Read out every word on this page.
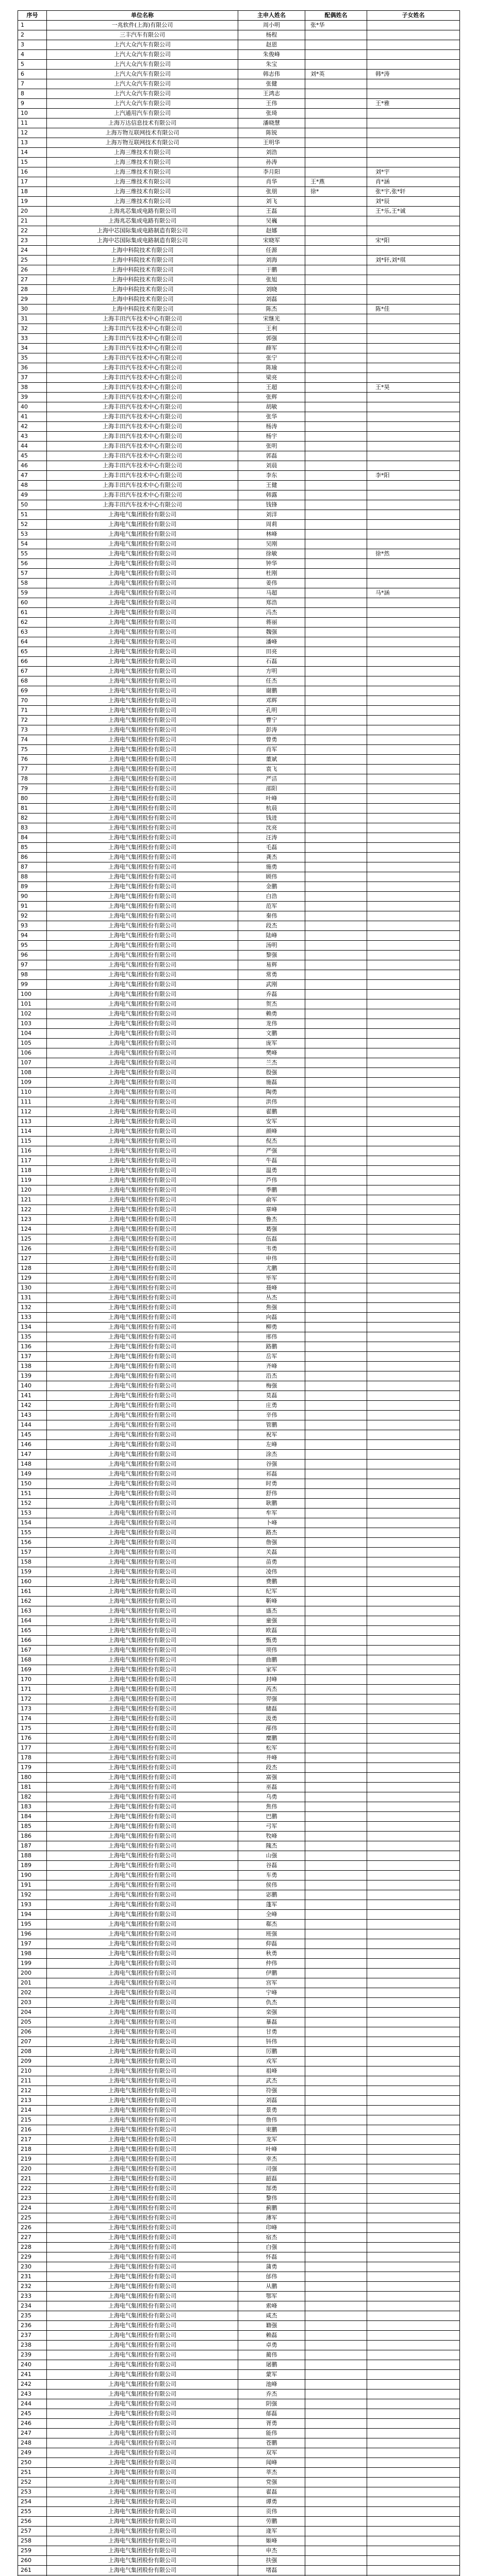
序号	单位名称	主申人姓名	配偶姓名	子女姓名
1	一兆软件(上海)有限公司	周小明	张*华	
2	三丰汽车有限公司	杨程		
3	上汽大众汽车有限公司	赵恩		
4	上汽大众汽车有限公司	朱俊峰		
5	上汽大众汽车有限公司	朱宝		
6	上汽大众汽车有限公司	韩志伟	刘*英	韩*涛
7	上汽大众汽车有限公司	张健		
8	上汽大众汽车有限公司	王鸿志		
9	上汽大众汽车有限公司	王伟		王*雅
10	上汽通用汽车有限公司	张琦		
11	上海万达信息技术有限公司	潘晓慧		
12	上海万物互联网技术有限公司	陈锐		
13	上海万物互联网技术有限公司	王明华		
14	上海三维技术有限公司	刘浩		
15	上海三维技术有限公司	孙涛		
16	上海三维技术有限公司	李月阳		刘*宇
17	上海三维技术有限公司	肖华	王*燕	肖*涵
18	上海三维技术有限公司	张朋	徐*	张*宇,张*轩
19	上海三维技术有限公司	刘飞		刘*辰
20	上海兆芯集成电路有限公司	王磊		王*乐,王*诚
21	上海兆芯集成电路有限公司	吴巍		
22	上海中芯国际集成电路制造有限公司	赵娜		
23	上海中芯国际集成电路制造有限公司	宋晓军		宋*阳
24	上海中科院技术有限公司	任源		
25	上海中科院技术有限公司	刘海		刘*轩,刘*琪
26	上海中科院技术有限公司	于鹏		
27	上海中科院技术有限公司	张旭		
28	上海中科院技术有限公司	刘晓		
29	上海中科院技术有限公司	刘磊		
30	上海中科院技术有限公司	陈杰		陈*佳
31	上海丰田汽车技术中心有限公司	宋继光		
32	上海丰田汽车技术中心有限公司	王利		
33	上海丰田汽车技术中心有限公司	郭强		
34	上海丰田汽车技术中心有限公司	薛军		
35	上海丰田汽车技术中心有限公司	张宁		
36	上海丰田汽车技术中心有限公司	陈瑜		
37	上海丰田汽车技术中心有限公司	梁亮		
38	上海丰田汽车技术中心有限公司	王超		王*昊
39	上海丰田汽车技术中心有限公司	张辉		
40	上海丰田汽车技术中心有限公司	胡敏		
41	上海丰田汽车技术中心有限公司	张华		
42	上海丰田汽车技术中心有限公司	杨涛		
43	上海丰田汽车技术中心有限公司	杨宇		
44	上海丰田汽车技术中心有限公司	张明		
45	上海丰田汽车技术中心有限公司	郭磊		
46	上海丰田汽车技术中心有限公司	刘晨		
47	上海丰田汽车技术中心有限公司	李东		李*阳
48	上海丰田汽车技术中心有限公司	王健		
49	上海丰田汽车技术中心有限公司	韩露		
50	上海丰田汽车技术中心有限公司	钱锋		
51	上海电气集团股份有限公司	刘洋		
52	上海电气集团股份有限公司	周莉		
53	上海电气集团股份有限公司	林峰		
54	上海电气集团股份有限公司	吴刚		
55	上海电气集团股份有限公司	徐敏		徐*然
56	上海电气集团股份有限公司	钟华		
57	上海电气集团股份有限公司	杜刚		
58	上海电气集团股份有限公司	姜伟		
59	上海电气集团股份有限公司	马超		马*涵
60	上海电气集团股份有限公司	郑浩		
61	上海电气集团股份有限公司	冯杰		
62	上海电气集团股份有限公司	蒋丽		
63	上海电气集团股份有限公司	魏强		
64	上海电气集团股份有限公司	潘峰		
65	上海电气集团股份有限公司	田亮		
66	上海电气集团股份有限公司	石磊		
67	上海电气集团股份有限公司	方明		
68	上海电气集团股份有限公司	任杰		
69	上海电气集团股份有限公司	谢鹏		
70	上海电气集团股份有限公司	邓辉		
71	上海电气集团股份有限公司	孔明		
72	上海电气集团股份有限公司	曹宁		
73	上海电气集团股份有限公司	彭涛		
74	上海电气集团股份有限公司	曾勇		
75	上海电气集团股份有限公司	肖军		
76	上海电气集团股份有限公司	董斌		
77	上海电气集团股份有限公司	袁飞		
78	上海电气集团股份有限公司	严洁		
79	上海电气集团股份有限公司	邵阳		
80	上海电气集团股份有限公司	叶峰		
81	上海电气集团股份有限公司	杭晨		
82	上海电气集团股份有限公司	钱进		
83	上海电气集团股份有限公司	沈亮		
84	上海电气集团股份有限公司	汪涛		
85	上海电气集团股份有限公司	毛磊		
86	上海电气集团股份有限公司	龚杰		
87	上海电气集团股份有限公司	施勇		
88	上海电气集团股份有限公司	顾伟		
89	上海电气集团股份有限公司	金鹏		
90	上海电气集团股份有限公司	白浩		
91	上海电气集团股份有限公司	范军		
92	上海电气集团股份有限公司	秦伟		
93	上海电气集团股份有限公司	段杰		
94	上海电气集团股份有限公司	陆峰		
95	上海电气集团股份有限公司	汤明		
96	上海电气集团股份有限公司	黎强		
97	上海电气集团股份有限公司	易辉		
98	上海电气集团股份有限公司	常勇		
99	上海电气集团股份有限公司	武刚		
100	上海电气集团股份有限公司	乔磊		
101	上海电气集团股份有限公司	贺杰		
102	上海电气集团股份有限公司	赖勇		
103	上海电气集团股份有限公司	龙伟		
104	上海电气集团股份有限公司	文鹏		
105	上海电气集团股份有限公司	庞军		
106	上海电气集团股份有限公司	樊峰		
107	上海电气集团股份有限公司	兰杰		
108	上海电气集团股份有限公司	殷强		
109	上海电气集团股份有限公司	施磊		
110	上海电气集团股份有限公司	陶勇		
111	上海电气集团股份有限公司	洪伟		
112	上海电气集团股份有限公司	翟鹏		
113	上海电气集团股份有限公司	安军		
114	上海电气集团股份有限公司	颜峰		
115	上海电气集团股份有限公司	倪杰		
116	上海电气集团股份有限公司	严强		
117	上海电气集团股份有限公司	牛磊		
118	上海电气集团股份有限公司	温勇		
119	上海电气集团股份有限公司	芦伟		
120	上海电气集团股份有限公司	季鹏		
121	上海电气集团股份有限公司	俞军		
122	上海电气集团股份有限公司	章峰		
123	上海电气集团股份有限公司	鲁杰		
124	上海电气集团股份有限公司	葛强		
125	上海电气集团股份有限公司	伍磊		
126	上海电气集团股份有限公司	韦勇		
127	上海电气集团股份有限公司	申伟		
128	上海电气集团股份有限公司	尤鹏		
129	上海电气集团股份有限公司	毕军		
130	上海电气集团股份有限公司	聂峰		
131	上海电气集团股份有限公司	丛杰		
132	上海电气集团股份有限公司	焦强		
133	上海电气集团股份有限公司	向磊		
134	上海电气集团股份有限公司	柳勇		
135	上海电气集团股份有限公司	邢伟		
136	上海电气集团股份有限公司	路鹏		
137	上海电气集团股份有限公司	岳军		
138	上海电气集团股份有限公司	齐峰		
139	上海电气集团股份有限公司	沿杰		
140	上海电气集团股份有限公司	梅强		
141	上海电气集团股份有限公司	莫磊		
142	上海电气集团股份有限公司	庄勇		
143	上海电气集团股份有限公司	辛伟		
144	上海电气集团股份有限公司	管鹏		
145	上海电气集团股份有限公司	祝军		
146	上海电气集团股份有限公司	左峰		
147	上海电气集团股份有限公司	涂杰		
148	上海电气集团股份有限公司	谷强		
149	上海电气集团股份有限公司	祁磊		
150	上海电气集团股份有限公司	时勇		
151	上海电气集团股份有限公司	舒伟		
152	上海电气集团股份有限公司	耿鹏		
153	上海电气集团股份有限公司	牟军		
154	上海电气集团股份有限公司	卜峰		
155	上海电气集团股份有限公司	路杰		
156	上海电气集团股份有限公司	詹强		
157	上海电气集团股份有限公司	关磊		
158	上海电气集团股份有限公司	苗勇		
159	上海电气集团股份有限公司	凌伟		
160	上海电气集团股份有限公司	费鹏		
161	上海电气集团股份有限公司	纪军		
162	上海电气集团股份有限公司	靳峰		
163	上海电气集团股份有限公司	盛杰		
164	上海电气集团股份有限公司	童强		
165	上海电气集团股份有限公司	欧磊		
166	上海电气集团股份有限公司	甄勇		
167	上海电气集团股份有限公司	项伟		
168	上海电气集团股份有限公司	曲鹏		
169	上海电气集团股份有限公司	家军		
170	上海电气集团股份有限公司	封峰		
171	上海电气集团股份有限公司	芮杰		
172	上海电气集团股份有限公司	羿强		
173	上海电气集团股份有限公司	储磊		
174	上海电气集团股份有限公司	汲勇		
175	上海电气集团股份有限公司	邴伟		
176	上海电气集团股份有限公司	糜鹏		
177	上海电气集团股份有限公司	松军		
178	上海电气集团股份有限公司	井峰		
179	上海电气集团股份有限公司	段杰		
180	上海电气集团股份有限公司	富强		
181	上海电气集团股份有限公司	巫磊		
182	上海电气集团股份有限公司	乌勇		
183	上海电气集团股份有限公司	焦伟		
184	上海电气集团股份有限公司	巴鹏		
185	上海电气集团股份有限公司	弓军		
186	上海电气集团股份有限公司	牧峰		
187	上海电气集团股份有限公司	隗杰		
188	上海电气集团股份有限公司	山强		
189	上海电气集团股份有限公司	谷磊		
190	上海电气集团股份有限公司	车勇		
191	上海电气集团股份有限公司	侯伟		
192	上海电气集团股份有限公司	宓鹏		
193	上海电气集团股份有限公司	蓬军		
194	上海电气集团股份有限公司	全峰		
195	上海电气集团股份有限公司	郗杰		
196	上海电气集团股份有限公司	班强		
197	上海电气集团股份有限公司	仰磊		
198	上海电气集团股份有限公司	秋勇		
199	上海电气集团股份有限公司	仲伟		
200	上海电气集团股份有限公司	伊鹏		
201	上海电气集团股份有限公司	宫军		
202	上海电气集团股份有限公司	宁峰		
203	上海电气集团股份有限公司	仇杰		
204	上海电气集团股份有限公司	栾强		
205	上海电气集团股份有限公司	暴磊		
206	上海电气集团股份有限公司	甘勇		
207	上海电气集团股份有限公司	钭伟		
208	上海电气集团股份有限公司	厉鹏		
209	上海电气集团股份有限公司	戎军		
210	上海电气集团股份有限公司	祖峰		
211	上海电气集团股份有限公司	武杰		
212	上海电气集团股份有限公司	符强		
213	上海电气集团股份有限公司	刘磊		
214	上海电气集团股份有限公司	景勇		
215	上海电气集团股份有限公司	詹伟		
216	上海电气集团股份有限公司	束鹏		
217	上海电气集团股份有限公司	龙军		
218	上海电气集团股份有限公司	叶峰		
219	上海电气集团股份有限公司	幸杰		
220	上海电气集团股份有限公司	司强		
221	上海电气集团股份有限公司	韶磊		
222	上海电气集团股份有限公司	郜勇		
223	上海电气集团股份有限公司	黎伟		
224	上海电气集团股份有限公司	蓟鹏		
225	上海电气集团股份有限公司	薄军		
226	上海电气集团股份有限公司	印峰		
227	上海电气集团股份有限公司	宿杰		
228	上海电气集团股份有限公司	白强		
229	上海电气集团股份有限公司	怀磊		
230	上海电气集团股份有限公司	蒲勇		
231	上海电气集团股份有限公司	邰伟		
232	上海电气集团股份有限公司	从鹏		
233	上海电气集团股份有限公司	鄂军		
234	上海电气集团股份有限公司	索峰		
235	上海电气集团股份有限公司	咸杰		
236	上海电气集团股份有限公司	籍强		
237	上海电气集团股份有限公司	赖磊		
238	上海电气集团股份有限公司	卓勇		
239	上海电气集团股份有限公司	蔺伟		
240	上海电气集团股份有限公司	屠鹏		
241	上海电气集团股份有限公司	蒙军		
242	上海电气集团股份有限公司	池峰		
243	上海电气集团股份有限公司	乔杰		
244	上海电气集团股份有限公司	阴强		
245	上海电气集团股份有限公司	郁磊		
246	上海电气集团股份有限公司	胥勇		
247	上海电气集团股份有限公司	能伟		
248	上海电气集团股份有限公司	苍鹏		
249	上海电气集团股份有限公司	双军		
250	上海电气集团股份有限公司	闻峰		
251	上海电气集团股份有限公司	莘杰		
252	上海电气集团股份有限公司	党强		
253	上海电气集团股份有限公司	翟磊		
254	上海电气集团股份有限公司	谭勇		
255	上海电气集团股份有限公司	贡伟		
256	上海电气集团股份有限公司	劳鹏		
257	上海电气集团股份有限公司	逄军		
258	上海电气集团股份有限公司	姬峰		
259	上海电气集团股份有限公司	申杰		
260	上海电气集团股份有限公司	扶强		
261	上海电气集团股份有限公司	堵磊		
